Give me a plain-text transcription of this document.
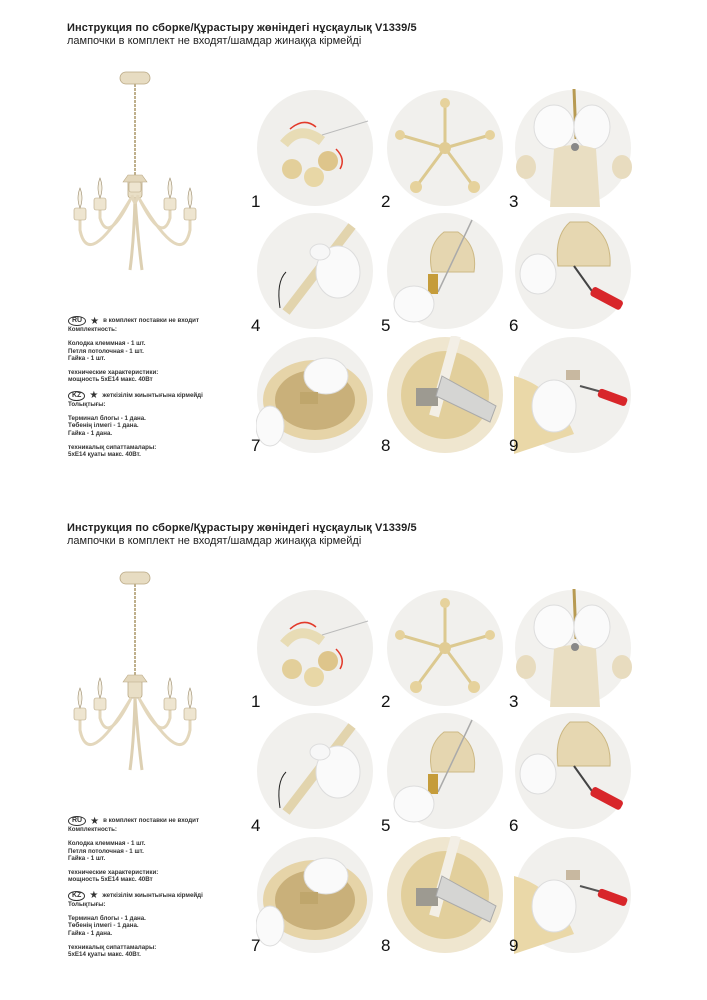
Инструкция по сборке/Құрастыру жөніндегі нұсқаулық V1339/5
лампочки в комплект не входят/шамдар жинаққа кірмейді
RU ★ в комплект поставки не входит
Комплектность:
Колодка клеммная - 1 шт.
Петля потолочная - 1 шт.
Гайка - 1 шт.
технические характеристики:
мощность 5хЕ14 макс. 40Вт
KZ ★ жеткізілім жиынтығына кірмейді
Толықтығы:
Терминал блогы - 1 дана.
Төбенің ілмегі - 1 дана.
Гайка - 1 дана.
техникалық сипаттамалары:
5хЕ14 қуаты макс. 40Вт.
1	2	3
4	5	6
7	8	9
Инструкция по сборке/Құрастыру жөніндегі нұсқаулық V1339/5
лампочки в комплект не входят/шамдар жинаққа кірмейді
RU ★ в комплект поставки не входит
Комплектность:
Колодка клеммная - 1 шт.
Петля потолочная - 1 шт.
Гайка - 1 шт.
технические характеристики:
мощность 5хЕ14 макс. 40Вт
KZ ★ жеткізілім жиынтығына кірмейді
Толықтығы:
Терминал блогы - 1 дана.
Төбенің ілмегі - 1 дана.
Гайка - 1 дана.
техникалық сипаттамалары:
5хЕ14 қуаты макс. 40Вт.
1	2	3
4	5	6
7	8	9
